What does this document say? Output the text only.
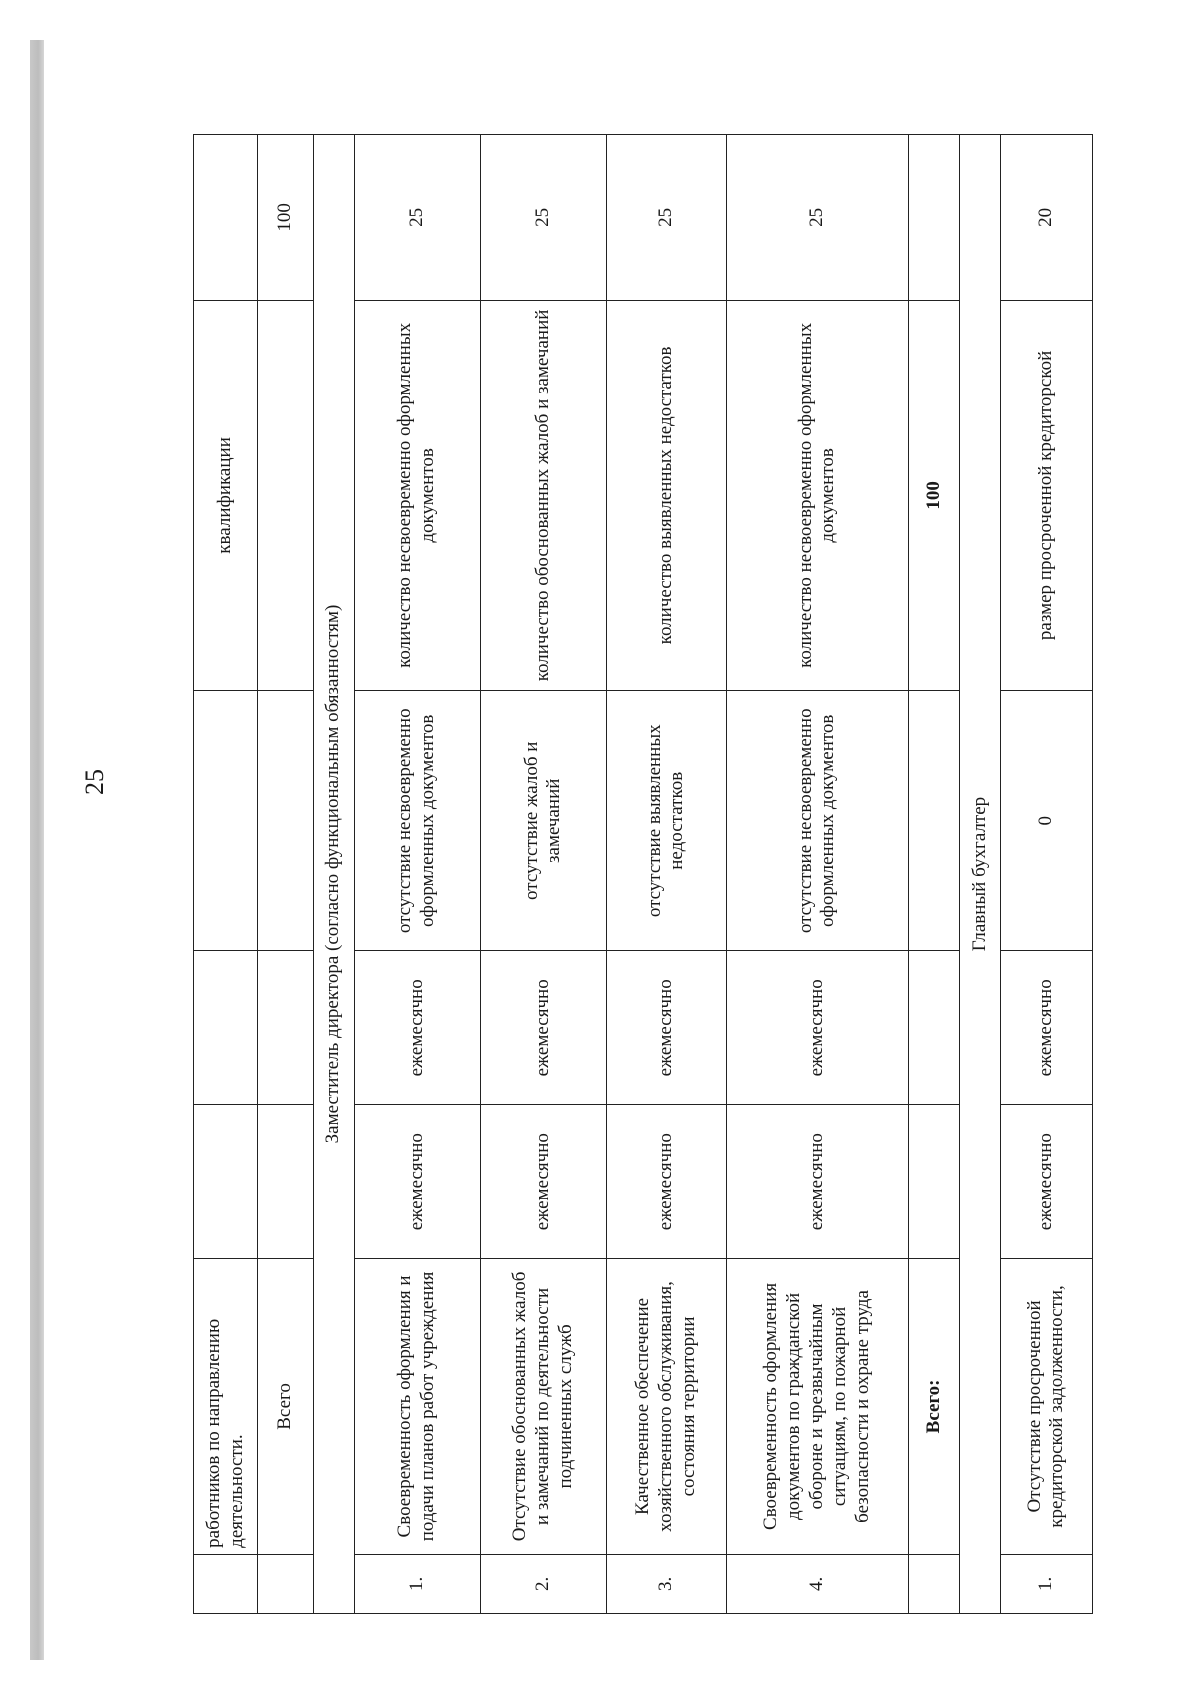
25
	работников по направлению деятельности.				квалификации	
	Всего					100
Заместитель директора (согласно функциональным обязанностям)						
1.	Своевременность оформления и подачи планов работ учреждения	ежемесячно	ежемесячно	отсутствие несвоевременно оформленных документов	количество несвоевременно оформленных документов	25
2.	Отсутствие обоснованных жалоб и замечаний по деятельности подчиненных служб	ежемесячно	ежемесячно	отсутствие жалоб и замечаний	количество обоснованных жалоб и замечаний	25
3.	Качественное обеспечение хозяйственного обслуживания, состояния территории	ежемесячно	ежемесячно	отсутствие выявленных недостатков	количество выявленных недостатков	25
4.	Своевременность оформления документов по гражданской обороне и чрезвычайным ситуациям, по пожарной безопасности и охране труда	ежемесячно	ежемесячно	отсутствие несвоевременно оформленных документов	количество несвоевременно оформленных документов	25
	Всего:				100	
Главный бухгалтер						
1.	Отсутствие просроченной кредиторской задолженности,	ежемесячно	ежемесячно	0	размер просроченной кредиторской	20
